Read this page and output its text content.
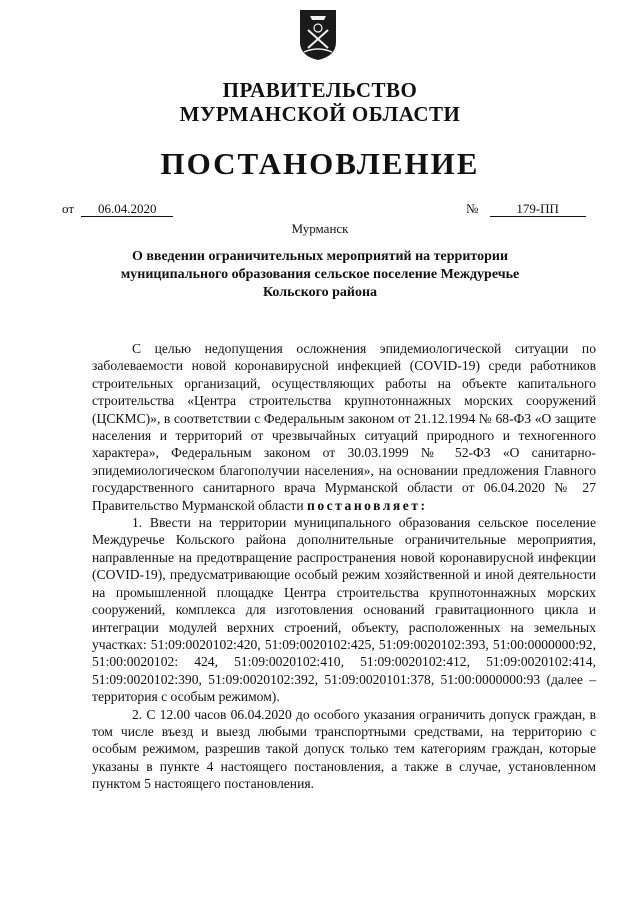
ПРАВИТЕЛЬСТВО
МУРМАНСКОЙ ОБЛАСТИ
ПОСТАНОВЛЕНИЕ
от 06.04.2020	№	179-ПП
Мурманск
О введении ограничительных мероприятий на территории
муниципального образования сельское поселение Междуречье
Кольского района

С целью недопущения осложнения эпидемиологической ситуации по заболеваемости новой коронавирусной инфекцией (COVID-19) среди работников строительных организаций, осуществляющих работы на объекте капитального строительства «Центра строительства крупнотоннажных морских сооружений (ЦСКМС)», в соответствии с Федеральным законом от 21.12.1994 № 68-ФЗ «О защите населения и территорий от чрезвычайных ситуаций природного и техногенного характера», Федеральным законом от 30.03.1999 № 52-ФЗ «О санитарно-эпидемиологическом благополучии населения», на основании предложения Главного государственного санитарного врача Мурманской области от 06.04.2020 № 27 Правительство Мурманской области постановляет:

1. Ввести на территории муниципального образования сельское поселение Междуречье Кольского района дополнительные ограничительные мероприятия, направленные на предотвращение распространения новой коронавирусной инфекции (COVID-19), предусматривающие особый режим хозяйственной и иной деятельности на промышленной площадке Центра строительства крупнотоннажных морских сооружений, комплекса для изготовления оснований гравитационного цикла и интеграции модулей верхних строений, объекту, расположенных на земельных участках: 51:09:0020102:420, 51:09:0020102:425, 51:09:0020102:393, 51:00:0000000:92, 51:00:0020102: 424, 51:09:0020102:410, 51:09:0020102:412, 51:09:0020102:414, 51:09:0020102:390, 51:09:0020102:392, 51:09:0020101:378, 51:00:0000000:93 (далее – территория с особым режимом).

2. С 12.00 часов 06.04.2020 до особого указания ограничить допуск граждан, в том числе въезд и выезд любыми транспортными средствами, на территорию с особым режимом, разрешив такой допуск только тем категориям граждан, которые указаны в пункте 4 настоящего постановления, а также в случае, установленном пунктом 5 настоящего постановления.
